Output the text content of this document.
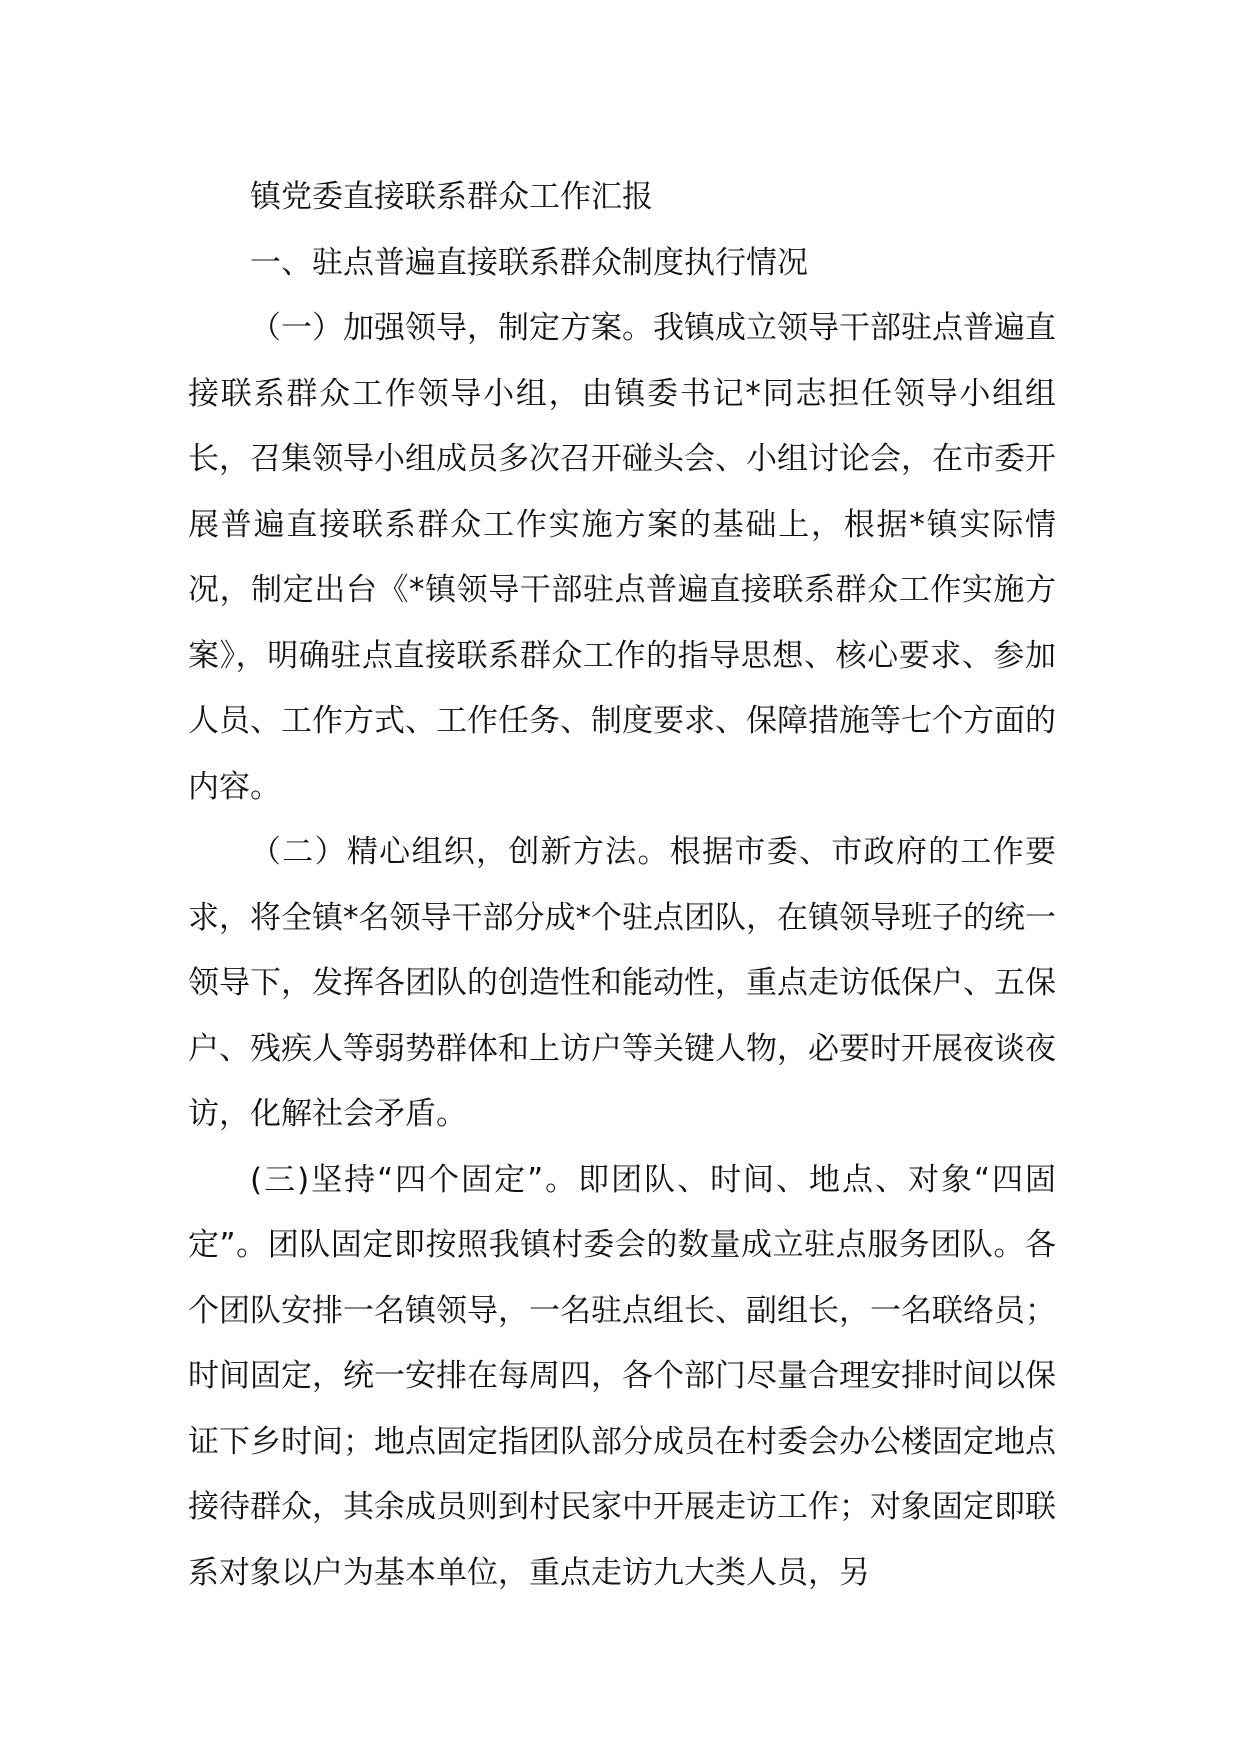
镇党委直接联系群众工作汇报

一、驻点普遍直接联系群众制度执行情况

（一）加强领导，制定方案。我镇成立领导干部驻点普遍直接联系群众工作领导小组，由镇委书记*同志担任领导小组组长，召集领导小组成员多次召开碰头会、小组讨论会，在市委开展普遍直接联系群众工作实施方案的基础上，根据*镇实际情况，制定出台《*镇领导干部驻点普遍直接联系群众工作实施方案》，明确驻点直接联系群众工作的指导思想、核心要求、参加人员、工作方式、工作任务、制度要求、保障措施等七个方面的内容。

（二）精心组织，创新方法。根据市委、市政府的工作要求，将全镇*名领导干部分成*个驻点团队，在镇领导班子的统一领导下，发挥各团队的创造性和能动性，重点走访低保户、五保户、残疾人等弱势群体和上访户等关键人物，必要时开展夜谈夜访，化解社会矛盾。

(三)坚持“四个固定”。即团队、时间、地点、对象“四固定”。团队固定即按照我镇村委会的数量成立驻点服务团队。各个团队安排一名镇领导，一名驻点组长、副组长，一名联络员；时间固定，统一安排在每周四，各个部门尽量合理安排时间以保证下乡时间；地点固定指团队部分成员在村委会办公楼固定地点接待群众，其余成员则到村民家中开展走访工作；对象固定即联系对象以户为基本单位，重点走访九大类人员，另
